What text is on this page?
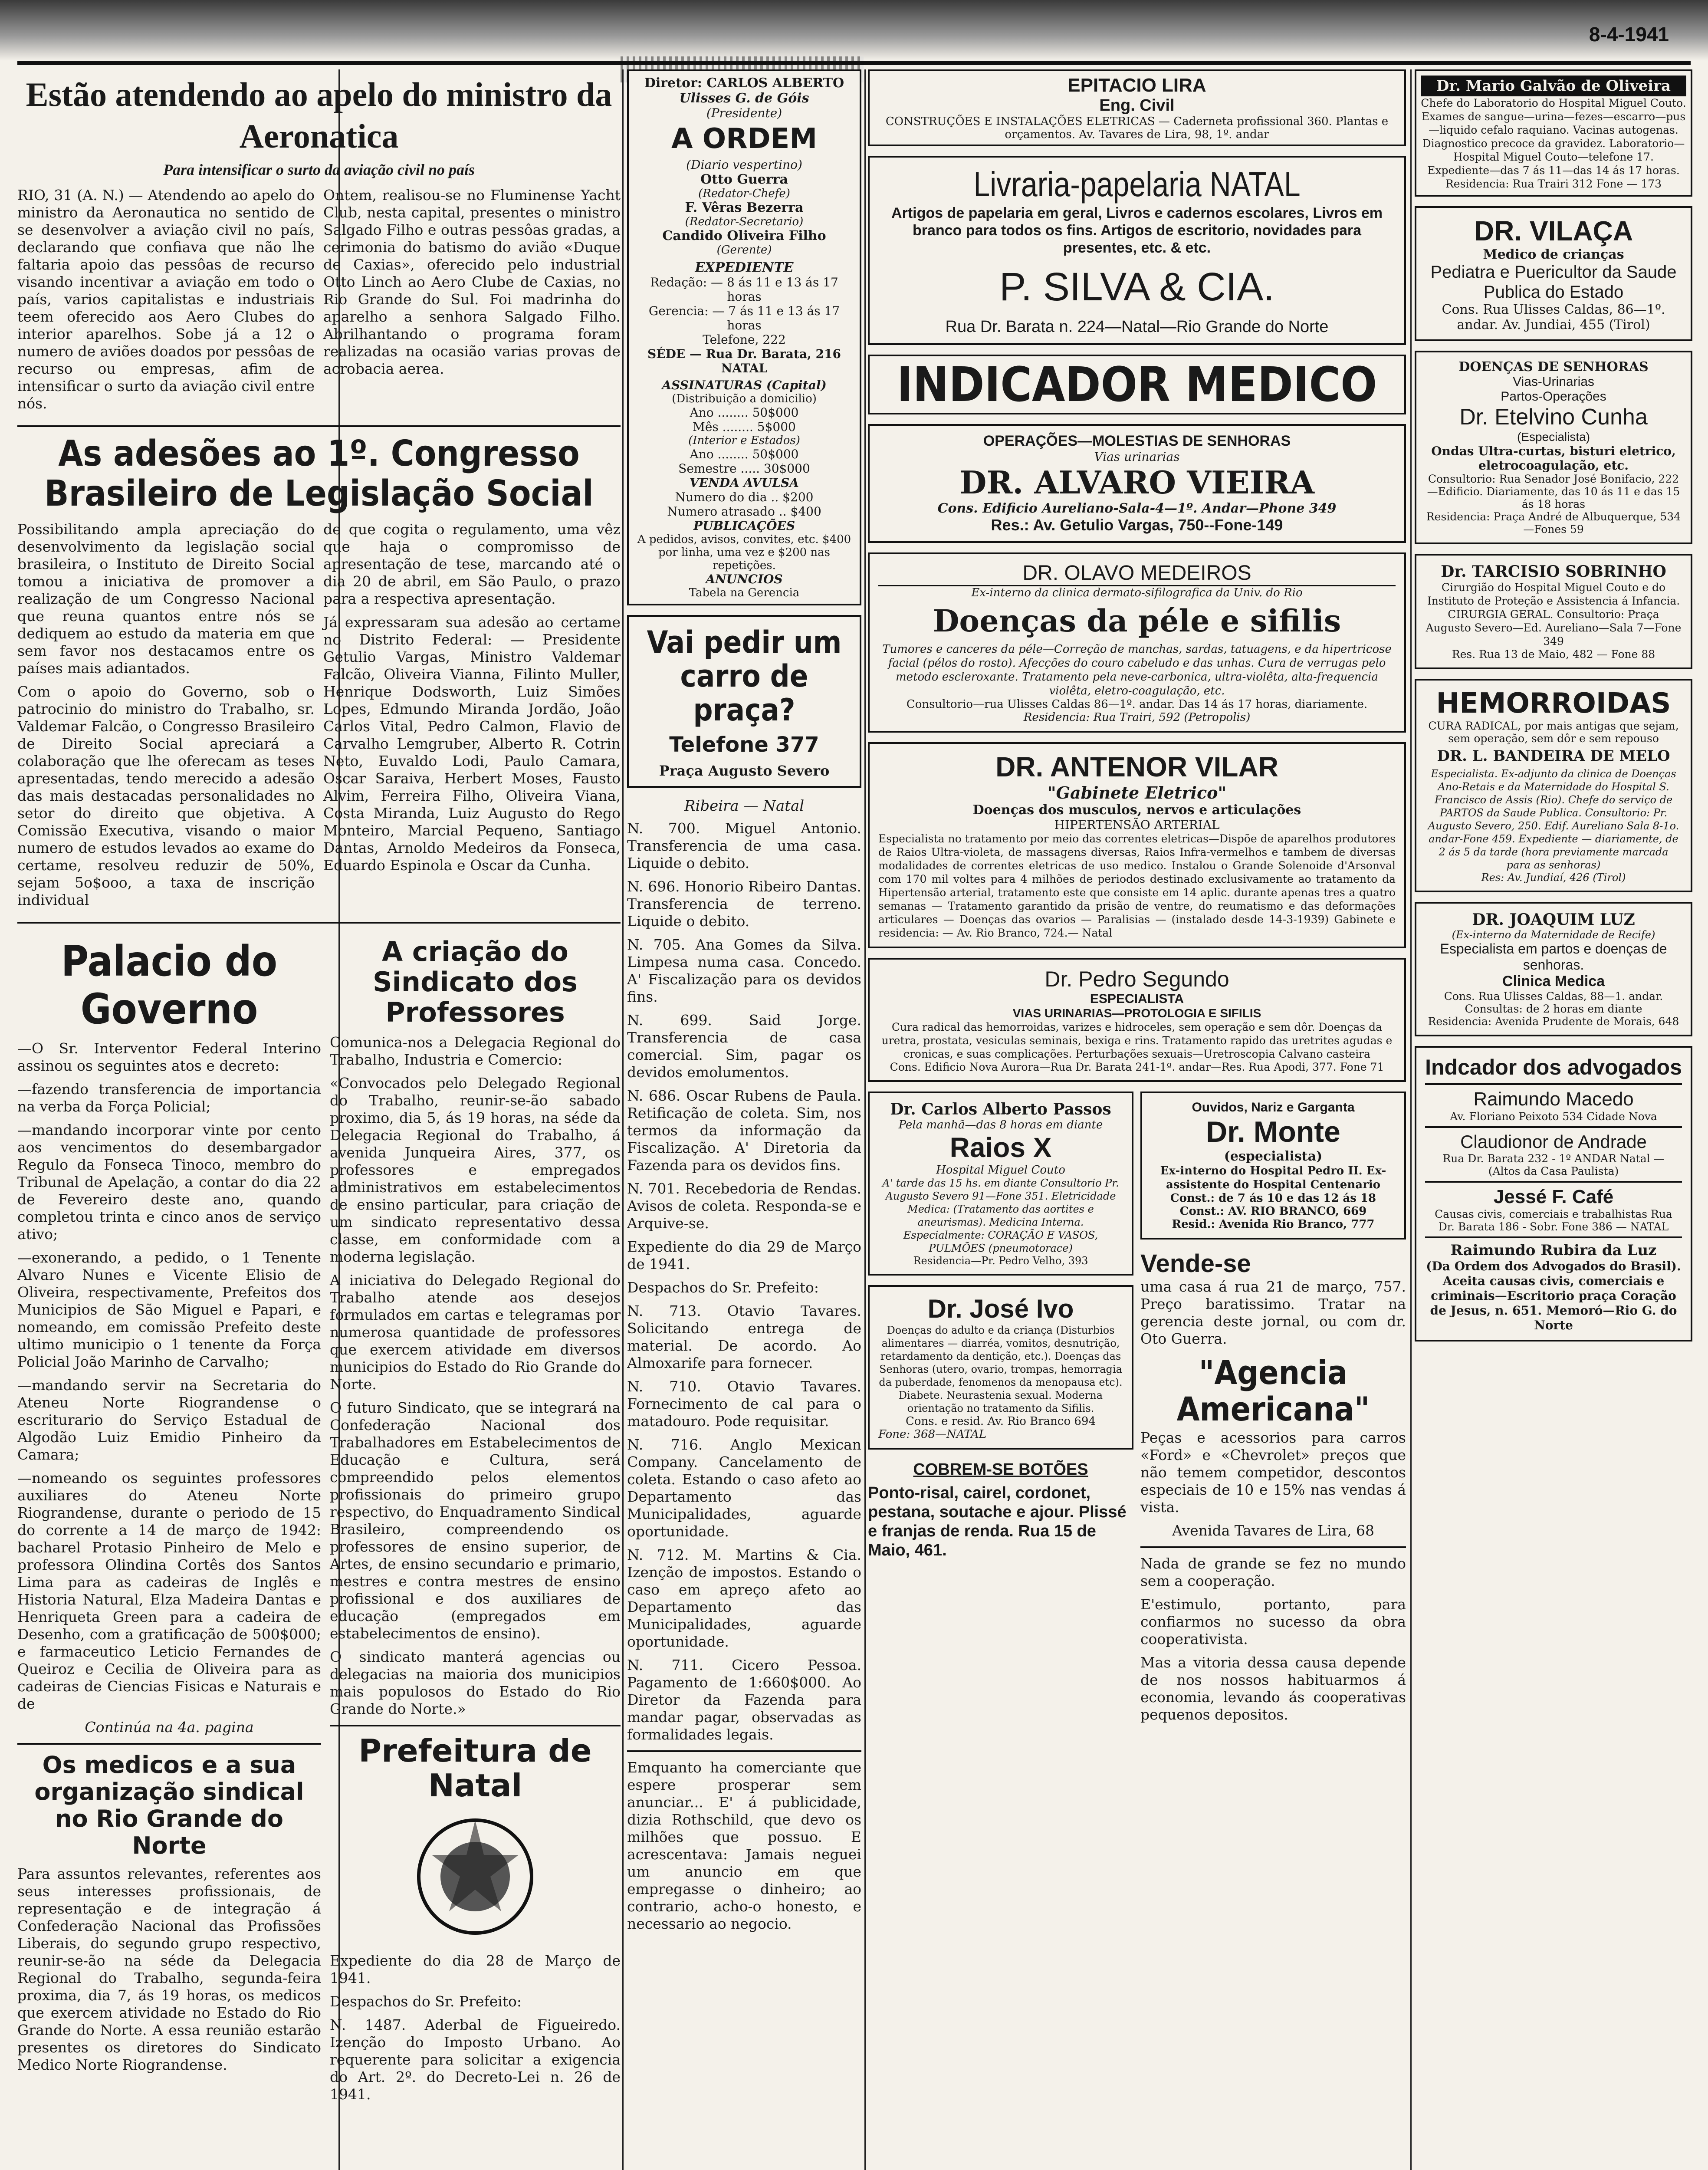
8-4-1941
Estão atendendo ao apelo do ministro da Aeronatica
Para intensificar o surto da aviação civil no país

RIO, 31 (A. N.) — Atendendo ao apelo do ministro da Aeronautica no sentido de se desenvolver a aviação civil no país, declarando que confiava que não lhe faltaria apoio das pessôas de recurso visando incentivar a aviação em todo o país, varios capitalistas e industriais teem oferecido aos Aero Clubes do interior aparelhos. Sobe já a 12 o numero de aviões doados por pessôas de recurso ou empresas, afim de intensificar o surto da aviação civil entre nós.

Ontem, realisou-se no Fluminense Yacht Club, nesta capital, presentes o ministro Salgado Filho e outras pessôas gradas, a cerimonia do batismo do avião «Duque de Caxias», oferecido pelo industrial Otto Linch ao Aero Clube de Caxias, no Rio Grande do Sul. Foi madrinha do aparelho a senhora Salgado Filho. Abrilhantando o programa foram realizadas na ocasião varias provas de acrobacia aerea.

As adesões ao 1º. Congresso Brasileiro de Legislação Social

Possibilitando ampla apreciação do desenvolvimento da legislação social brasileira, o Instituto de Direito Social tomou a iniciativa de promover a realização de um Congresso Nacional que reuna quantos entre nós se dediquem ao estudo da materia em que sem favor nos destacamos entre os países mais adiantados.

Com o apoio do Governo, sob o patrocinio do ministro do Trabalho, sr. Valdemar Falcão, o Congresso Brasileiro de Direito Social apreciará a colaboração que lhe oferecam as teses apresentadas, tendo merecido a adesão das mais destacadas personalidades no setor do direito que objetiva. A Comissão Executiva, visando o maior numero de estudos levados ao exame do certame, resolveu reduzir de 50%, sejam 5o$ooo, a taxa de inscrição individual

de que cogita o regulamento, uma vêz que haja o compromisso de apresentação de tese, marcando até o dia 20 de abril, em São Paulo, o prazo para a respectiva apresentação.

Já expressaram sua adesão ao certame no Distrito Federal: — Presidente Getulio Vargas, Ministro Valdemar Falcão, Oliveira Vianna, Filinto Muller, Henrique Dodsworth, Luiz Simões Lopes, Edmundo Miranda Jordão, João Carlos Vital, Pedro Calmon, Flavio de Carvalho Lemgruber, Alberto R. Cotrin Neto, Euvaldo Lodi, Paulo Camara, Oscar Saraiva, Herbert Moses, Fausto Alvim, Ferreira Filho, Oliveira Viana, Costa Miranda, Luiz Augusto do Rego Monteiro, Marcial Pequeno, Santiago Dantas, Arnoldo Medeiros da Fonseca, Eduardo Espinola e Oscar da Cunha.

Palacio do Governo

—O Sr. Interventor Federal Interino assinou os seguintes atos e decreto:

—fazendo transferencia de importancia na verba da Força Policial;

—mandando incorporar vinte por cento aos vencimentos do desembargador Regulo da Fonseca Tinoco, membro do Tribunal de Apelação, a contar do dia 22 de Fevereiro deste ano, quando completou trinta e cinco anos de serviço ativo;

—exonerando, a pedido, o 1 Tenente Alvaro Nunes e Vicente Elisio de Oliveira, respectivamente, Prefeitos dos Municipios de São Miguel e Papari, e nomeando, em comissão Prefeito deste ultimo municipio o 1 tenente da Força Policial João Marinho de Carvalho;

—mandando servir na Secretaria do Ateneu Norte Riograndense o escriturario do Serviço Estadual de Algodão Luiz Emidio Pinheiro da Camara;

—nomeando os seguintes professores auxiliares do Ateneu Norte Riograndense, durante o periodo de 15 do corrente a 14 de março de 1942: bacharel Protasio Pinheiro de Melo e professora Olindina Cortês dos Santos Lima para as cadeiras de Inglês e Historia Natural, Elza Madeira Dantas e Henriqueta Green para a cadeira de Desenho, com a gratificação de 500$000; e farmaceutico Leticio Fernandes de Queiroz e Cecilia de Oliveira para as cadeiras de Ciencias Fisicas e Naturais e de

Continúa na 4a. pagina

Os medicos e a sua organização sindical no Rio Grande do Norte

Para assuntos relevantes, referentes aos seus interesses profissionais, de representação e de integração á Confederação Nacional das Profissões Liberais, do segundo grupo respectivo, reunir-se-ão na séde da Delegacia Regional do Trabalho, segunda-feira proxima, dia 7, ás 19 horas, os medicos que exercem atividade no Estado do Rio Grande do Norte. A essa reunião estarão presentes os diretores do Sindicato Medico Norte Riograndense.

A criação do Sindicato dos Professores

Comunica-nos a Delegacia Regional do Trabalho, Industria e Comercio:

«Convocados pelo Delegado Regional do Trabalho, reunir-se-ão sabado proximo, dia 5, ás 19 horas, na séde da Delegacia Regional do Trabalho, á avenida Junqueira Aires, 377, os professores e empregados administrativos em estabelecimentos de ensino particular, para criação de um sindicato representativo dessa classe, em conformidade com a moderna legislação.

A iniciativa do Delegado Regional do Trabalho atende aos desejos formulados em cartas e telegramas por numerosa quantidade de professores que exercem atividade em diversos municipios do Estado do Rio Grande do Norte.

O futuro Sindicato, que se integrará na Confederação Nacional dos Trabalhadores em Estabelecimentos de Educação e Cultura, será compreendido pelos elementos profissionais do primeiro grupo respectivo, do Enquadramento Sindical Brasileiro, compreendendo os professores de ensino superior, de Artes, de ensino secundario e primario, mestres e contra mestres de ensino profissional e dos auxiliares de educação (empregados em estabelecimentos de ensino).

O sindicato manterá agencias ou delegacias na maioria dos municipios mais populosos do Estado do Rio Grande do Norte.»

Prefeitura de Natal

Expediente do dia 28 de Março de 1941.

Despachos do Sr. Prefeito:

N. 1487. Aderbal de Figueiredo. Izenção do Imposto Urbano. Ao requerente para solicitar a exigencia do Art. 2º. do Decreto-Lei n. 26 de 1941.

Diretor: CARLOS ALBERTO
Ulisses G. de Góis
(Presidente)
A ORDEM
(Diario vespertino)
Otto Guerra
(Redator-Chefe)
F. Vêras Bezerra
(Redator-Secretario)
Candido Oliveira Filho
(Gerente)
EXPEDIENTE
Redação: — 8 ás 11 e 13 ás 17 horas
Gerencia: — 7 ás 11 e 13 ás 17 horas
Telefone, 222
SÉDE — Rua Dr. Barata, 216
NATAL
ASSINATURAS (Capital)
(Distribuição a domicilio)
Ano ........ 50$000
Mês ........ 5$000
(Interior e Estados)
Ano ........ 50$000
Semestre ..... 30$000
VENDA AVULSA
Numero do dia .. $200
Numero atrasado .. $400
PUBLICAÇÕES
A pedidos, avisos, convites, etc. $400 por linha, uma vez e $200 nas repetições.
ANUNCIOS
Tabela na Gerencia
Vai pedir um carro de praça?
Telefone 377
Praça Augusto Severo
Ribeira — Natal

N. 700. Miguel Antonio. Transferencia de uma casa. Liquide o debito.

N. 696. Honorio Ribeiro Dantas. Transferencia de terreno. Liquide o debito.

N. 705. Ana Gomes da Silva. Limpesa numa casa. Concedo. A' Fiscalização para os devidos fins.

N. 699. Said Jorge. Transferencia de casa comercial. Sim, pagar os devidos emolumentos.

N. 686. Oscar Rubens de Paula. Retificação de coleta. Sim, nos termos da informação da Fiscalização. A' Diretoria da Fazenda para os devidos fins.

N. 701. Recebedoria de Rendas. Avisos de coleta. Responda-se e Arquive-se.

Expediente do dia 29 de Março de 1941.

Despachos do Sr. Prefeito:

N. 713. Otavio Tavares. Solicitando entrega de material. De acordo. Ao Almoxarife para fornecer.

N. 710. Otavio Tavares. Fornecimento de cal para o matadouro. Pode requisitar.

N. 716. Anglo Mexican Company. Cancelamento de coleta. Estando o caso afeto ao Departamento das Municipalidades, aguarde oportunidade.

N. 712. M. Martins & Cia. Izenção de impostos. Estando o caso em apreço afeto ao Departamento das Municipalidades, aguarde oportunidade.

N. 711. Cicero Pessoa. Pagamento de 1:660$000. Ao Diretor da Fazenda para mandar pagar, observadas as formalidades legais.

Emquanto ha comerciante que espere prosperar sem anunciar... E' á publicidade, dizia Rothschild, que devo os milhões que possuo. E acrescentava: Jamais neguei um anuncio em que empregasse o dinheiro; ao contrario, acho-o honesto, e necessario ao negocio.

EPITACIO LIRA
Eng. Civil
CONSTRUÇÕES E INSTALAÇÕES ELETRICAS — Caderneta profissional 360. Plantas e orçamentos. Av. Tavares de Lira, 98, 1º. andar
Livraria-papelaria NATAL
Artigos de papelaria em geral, Livros e cadernos escolares, Livros em branco para todos os fins. Artigos de escritorio, novidades para presentes, etc. & etc.
P. SILVA & CIA.
Rua Dr. Barata n. 224—Natal—Rio Grande do Norte
INDICADOR MEDICO
OPERAÇÕES—MOLESTIAS DE SENHORAS
Vias urinarias
DR. ALVARO VIEIRA
Cons. Edificio Aureliano-Sala-4—1º. Andar—Phone 349
Res.: Av. Getulio Vargas, 750--Fone-149
DR. OLAVO MEDEIROS
Ex-interno da clinica dermato-sifilografica da Univ. do Rio
Doenças da péle e sifilis
Tumores e canceres da péle—Correção de manchas, sardas, tatuagens, e da hipertricose facial (pélos do rosto). Afecções do couro cabeludo e das unhas. Cura de verrugas pelo metodo escleroxante. Tratamento pela neve-carbonica, ultra-violêta, alta-frequencia violêta, eletro-coagulação, etc.
Consultorio—rua Ulisses Caldas 86—1º. andar. Das 14 ás 17 horas, diariamente.
Residencia: Rua Trairi, 592 (Petropolis)
DR. ANTENOR VILAR
"Gabinete Eletrico"
Doenças dos musculos, nervos e articulações
HIPERTENSÃO ARTERIAL
Especialista no tratamento por meio das correntes eletricas—Dispõe de aparelhos produtores de Raios Ultra-violeta, de massagens diversas, Raios Infra-vermelhos e tambem de diversas modalidades de correntes eletricas de uso medico. Instalou o Grande Solenoide d'Arsonval com 170 mil voltes para 4 milhões de periodos destinado exclusivamente ao tratamento da Hipertensão arterial, tratamento este que consiste em 14 aplic. durante apenas tres a quatro semanas — Tratamento garantido da prisão de ventre, do reumatismo e das deformações articulares — Doenças das ovarios — Paralisias — (instalado desde 14-3-1939) Gabinete e residencia: — Av. Rio Branco, 724.— Natal
Dr. Pedro Segundo
ESPECIALISTA
VIAS URINARIAS—PROTOLOGIA E SIFILIS
Cura radical das hemorroidas, varizes e hidroceles, sem operação e sem dôr. Doenças da uretra, prostata, vesiculas seminais, bexiga e rins. Tratamento rapido das uretrites agudas e cronicas, e suas complicações. Perturbações sexuais—Uretroscopia Calvano casteira
Cons. Edificio Nova Aurora—Rua Dr. Barata 241-1º. andar—Res. Rua Apodi, 377. Fone 71
Dr. Carlos Alberto Passos
Pela manhã—das 8 horas em diante
Raios X
Hospital Miguel Couto
A' tarde das 15 hs. em diante Consultorio Pr. Augusto Severo 91—Fone 351. Eletricidade Medica: (Tratamento das aortites e aneurismas). Medicina Interna. Especialmente: CORAÇÃO E VASOS, PULMÕES (pneumotorace)
Residencia—Pr. Pedro Velho, 393
Dr. José Ivo
Doenças do adulto e da criança (Disturbios alimentares — diarréa, vomitos, desnutrição, retardamento da dentição, etc.). Doenças das Senhoras (utero, ovario, trompas, hemorragia da puberdade, fenomenos da menopausa etc). Diabete. Neurastenia sexual. Moderna orientação no tratamento da Sifilis.
Cons. e resid. Av. Rio Branco 694
Fone: 368—NATAL
COBREM-SE BOTÕES
Ponto-risal, cairel, cordonet, pestana, soutache e ajour. Plissé e franjas de renda. Rua 15 de Maio, 461.
Ouvidos, Nariz e Garganta
Dr. Monte
(especialista)
Ex-interno do Hospital Pedro II. Ex-assistente do Hospital Centenario
Const.: de 7 ás 10 e das 12 ás 18
Const.: AV. RIO BRANCO, 669
Resid.: Avenida Rio Branco, 777
Vende-se

uma casa á rua 21 de março, 757. Preço baratissimo. Tratar na gerencia deste jornal, ou com dr. Oto Guerra.

"Agencia Americana"

Peças e acessorios para carros «Ford» e «Chevrolet» preços que não temem competidor, descontos especiais de 10 e 15% nas vendas á vista.

Avenida Tavares de Lira, 68

Nada de grande se fez no mundo sem a cooperação.

E'estimulo, portanto, para confiarmos no sucesso da obra cooperativista.

Mas a vitoria dessa causa depende de nos nossos habituarmos á economia, levando ás cooperativas pequenos depositos.

Dr. Mario Galvão de Oliveira
Chefe do Laboratorio do Hospital Miguel Couto. Exames de sangue—urina—fezes—escarro—pus—liquido cefalo raquiano. Vacinas autogenas. Diagnostico precoce da gravidez. Laboratorio—Hospital Miguel Couto—telefone 17. Expediente—das 7 ás 11—das 14 ás 17 horas. Residencia: Rua Trairi 312 Fone — 173
DR. VILAÇA
Medico de crianças
Pediatra e Puericultor da Saude Publica do Estado
Cons. Rua Ulisses Caldas, 86—1º. andar. Av. Jundiai, 455 (Tirol)
DOENÇAS DE SENHORAS
Vias-Urinarias
Partos-Operações
Dr. Etelvino Cunha
(Especialista)
Ondas Ultra-curtas, bisturi eletrico, eletrocoagulação, etc.
Consultorio: Rua Senador José Bonifacio, 222—Edificio. Diariamente, das 10 ás 11 e das 15 ás 18 horas
Residencia: Praça André de Albuquerque, 534—Fones 59
Dr. TARCISIO SOBRINHO
Cirurgião do Hospital Miguel Couto e do Instituto de Proteção e Assistencia á Infancia. CIRURGIA GERAL. Consultorio: Praça Augusto Severo—Ed. Aureliano—Sala 7—Fone 349
Res. Rua 13 de Maio, 482 — Fone 88
HEMORROIDAS
CURA RADICAL, por mais antigas que sejam, sem operação, sem dôr e sem repouso
DR. L. BANDEIRA DE MELO
Especialista. Ex-adjunto da clinica de Doenças Ano-Retais e da Maternidade do Hospital S. Francisco de Assis (Rio). Chefe do serviço de PARTOS da Saude Publica. Consultorio: Pr. Augusto Severo, 250. Edif. Aureliano Sala 8-1o. andar-Fone 459. Expediente — diariamente, de 2 ás 5 da tarde (hora previamente marcada para as senhoras)
Res: Av. Jundiaí, 426 (Tirol)
DR. JOAQUIM LUZ
(Ex-interno da Maternidade de Recife)
Especialista em partos e doenças de senhoras.
Clinica Medica
Cons. Rua Ulisses Caldas, 88—1. andar. Consultas: de 2 horas em diante
Residencia: Avenida Prudente de Morais, 648
Indcador dos advogados
Raimundo Macedo
Av. Floriano Peixoto 534 Cidade Nova
Claudionor de Andrade
Rua Dr. Barata 232 - 1º ANDAR Natal — (Altos da Casa Paulista)
Jessé F. Café
Causas civis, comerciais e trabalhistas Rua Dr. Barata 186 - Sobr. Fone 386 — NATAL
Raimundo Rubira da Luz
(Da Ordem dos Advogados do Brasil). Aceita causas civis, comerciais e criminais—Escritorio praça Coração de Jesus, n. 651. Memoró—Rio G. do Norte
